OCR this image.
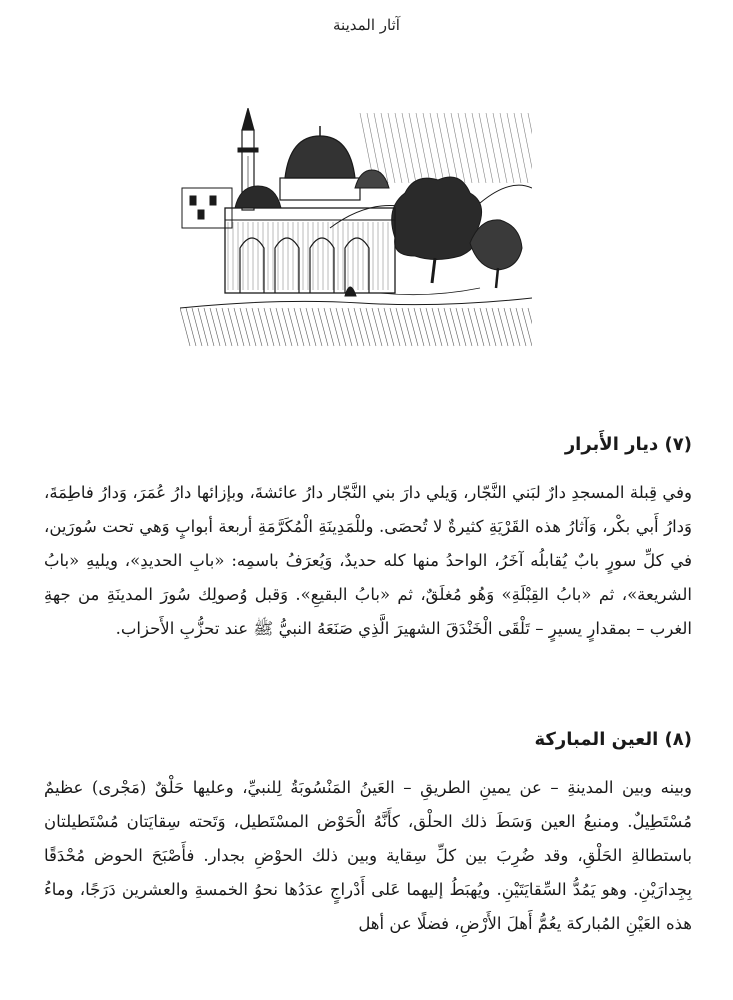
آثار المدينة
(٧) ديار الأَبرار

وفي قِبلة المسجدِ دارٌ لبَني النَّجّار، وَيلي دارَ بني النَّجّار دارُ عائشةَ، وبإزائها دارُ عُمَرَ، وَدارُ فاطِمَةَ، وَدارُ أَبي بكْر، وَآثارُ هذه القَرْيَةِ كثيرةٌ لا تُحصَى. وللْمَدِينَةِ الْمُكَرَّمَةِ أربعة أبوابٍ وَهي تحت سُورَين، في كلِّ سورٍ بابٌ يُقابلُه آخَرُ، الواحدُ منها كله حديدٌ، وَيُعرَفُ باسمِه: «بابِ الحديدِ»، ويليهِ «بابُ الشريعة»، ثم «بابُ القِبْلَةِ» وَهُو مُغلَقٌ، ثم «بابُ البقيعِ». وَقبل وُصولِك سُورَ المدينَةِ من جهةِ الغرب – بمقدارٍ يسيرٍ – تَلْقَى الْخَنْدَقَ الشهيرَ الَّذِي صَنَعَهُ النبيُّ ﷺ عند تحزُّبِ الأَحزاب.

(٨) العين المباركة

وبينه وبين المدينةِ – عن يمينِ الطريقِ – العَينُ المَنْسُوبَةُ لِلنبيِّ، وعليها حَلْقٌ (مَجْرى) عظيمٌ مُسْتَطِيلٌ. ومنبعُ العين وَسَطَ ذلك الحلْق، كأَنَّهُ الْحَوْض المسْتَطيل، وَتَحته سِقايَتان مُسْتَطيلتان باستطالةِ الحَلْقِ، وقد ضُرِبَ بين كلِّ سِقاية وبين ذلك الحوْضِ بجدار. فأَصْبَحَ الحوض مُحْدَقًا بِجِدارَيْنِ. وهو يَمُدُّ السِّقايَتَيْنِ. ويُهبَطُ إليهما عَلى أَدْراجٍ عدَدُها نحوُ الخمسةِ والعشرين دَرَجًا، وماءُ هذه العَيْنِ المُباركة يعُمُّ أَهلَ الأَرْضِ، فضلًا عن أهل
